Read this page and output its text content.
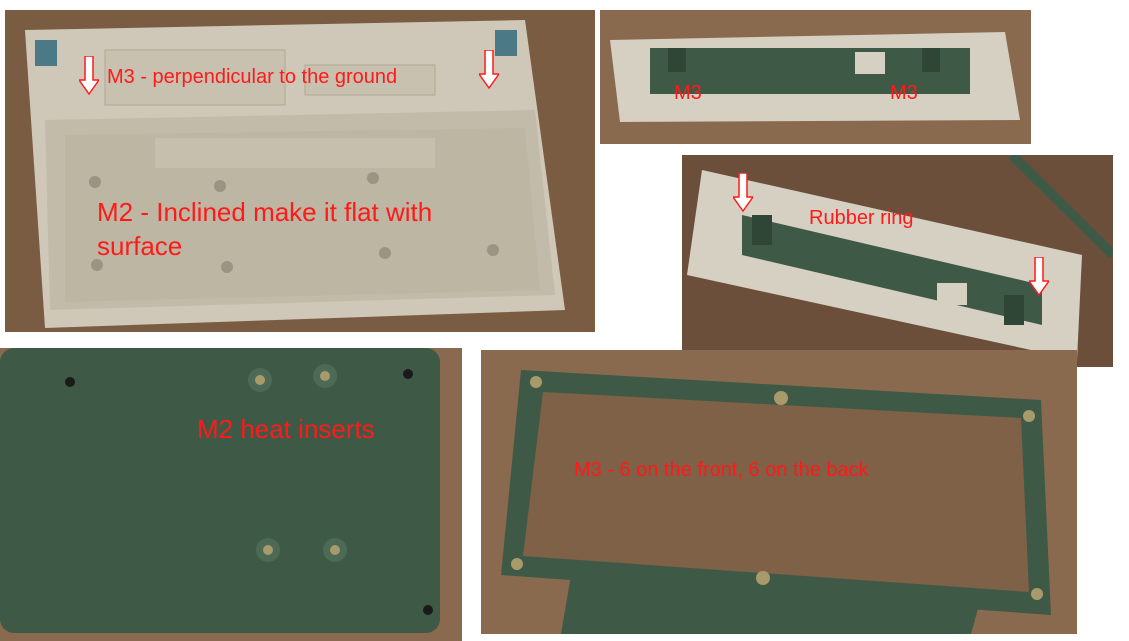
M3 - perpendicular to the ground
M2 - Inclined make it flat with
surface
M3	M3
Rubber ring
M2 heat inserts
M3 - 6 on the front, 6 on the back
